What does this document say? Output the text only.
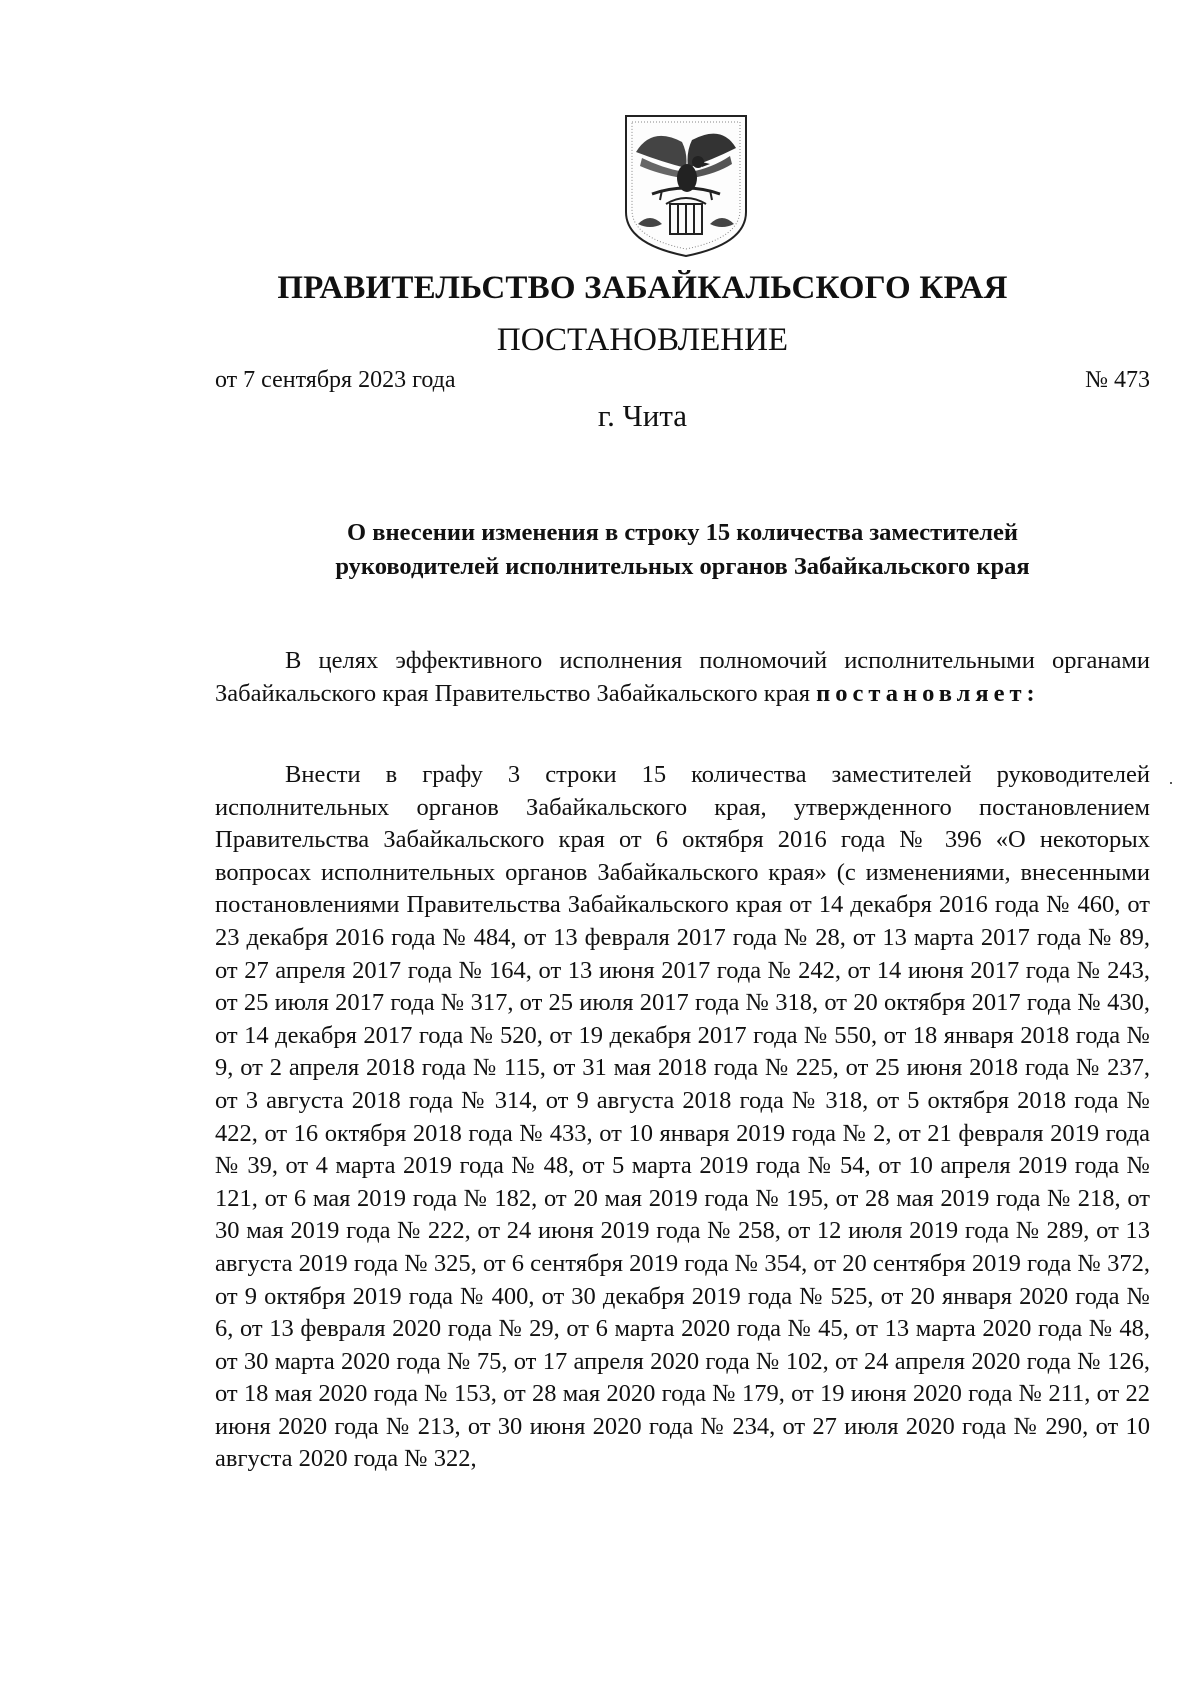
ПРАВИТЕЛЬСТВО ЗАБАЙКАЛЬСКОГО КРАЯ
ПОСТАНОВЛЕНИЕ
от 7 сентября 2023 года	№ 473
г. Чита
О внесении изменения в строку 15 количества заместителей
руководителей исполнительных органов Забайкальского края
В целях эффективного исполнения полномочий исполнительными органами Забайкальского края Правительство Забайкальского края постановляет:
Внести в графу 3 строки 15 количества заместителей руководителей исполнительных органов Забайкальского края, утвержденного постановлением Правительства Забайкальского края от 6 октября 2016 года № 396 «О некоторых вопросах исполнительных органов Забайкальского края» (с изменениями, внесенными постановлениями Правительства Забайкальского края от 14 декабря 2016 года № 460, от 23 декабря 2016 года № 484, от 13 февраля 2017 года № 28, от 13 марта 2017 года № 89, от 27 апреля 2017 года № 164, от 13 июня 2017 года № 242, от 14 июня 2017 года № 243, от 25 июля 2017 года № 317, от 25 июля 2017 года № 318, от 20 октября 2017 года № 430, от 14 декабря 2017 года № 520, от 19 декабря 2017 года № 550, от 18 января 2018 года № 9, от 2 апреля 2018 года № 115, от 31 мая 2018 года № 225, от 25 июня 2018 года № 237, от 3 августа 2018 года № 314, от 9 августа 2018 года № 318, от 5 октября 2018 года № 422, от 16 октября 2018 года № 433, от 10 января 2019 года № 2, от 21 февраля 2019 года № 39, от 4 марта 2019 года № 48, от 5 марта 2019 года № 54, от 10 апреля 2019 года № 121, от 6 мая 2019 года № 182, от 20 мая 2019 года № 195, от 28 мая 2019 года № 218, от 30 мая 2019 года № 222, от 24 июня 2019 года № 258, от 12 июля 2019 года № 289, от 13 августа 2019 года № 325, от 6 сентября 2019 года № 354, от 20 сентября 2019 года № 372, от 9 октября 2019 года № 400, от 30 декабря 2019 года № 525, от 20 января 2020 года № 6, от 13 февраля 2020 года № 29, от 6 марта 2020 года № 45, от 13 марта 2020 года № 48, от 30 марта 2020 года № 75, от 17 апреля 2020 года № 102, от 24 апреля 2020 года № 126, от 18 мая 2020 года № 153, от 28 мая 2020 года № 179, от 19 июня 2020 года № 211, от 22 июня 2020 года № 213, от 30 июня 2020 года № 234, от 27 июля 2020 года № 290, от 10 августа 2020 года № 322,
